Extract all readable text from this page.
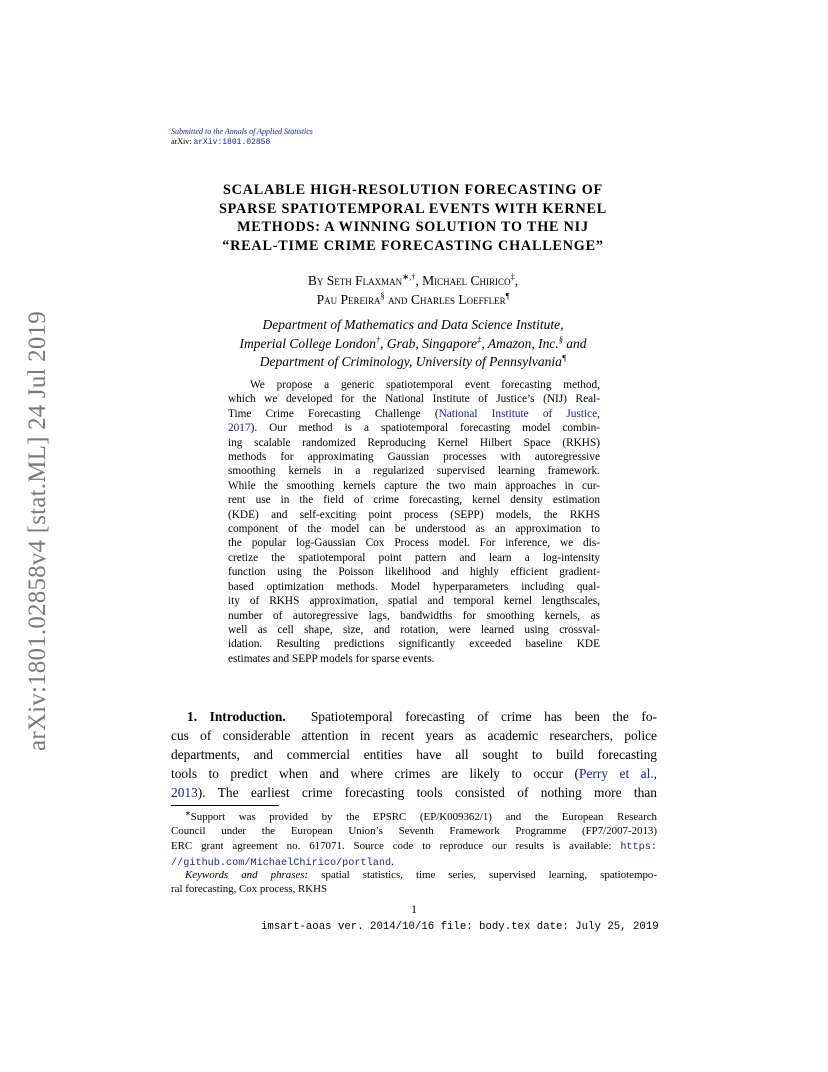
arXiv:1801.02858v4 [stat.ML] 24 Jul 2019
Submitted to the Annals of Applied Statistics
arXiv: arXiv:1801.02858
SCALABLE HIGH-RESOLUTION FORECASTING OF
SPARSE SPATIOTEMPORAL EVENTS WITH KERNEL
METHODS: A WINNING SOLUTION TO THE NIJ
“REAL-TIME CRIME FORECASTING CHALLENGE”
By Seth Flaxman∗,†, Michael Chirico‡,
Pau Pereira§ and Charles Loeffler¶
Department of Mathematics and Data Science Institute,
Imperial College London†, Grab, Singapore‡, Amazon, Inc.§ and
Department of Criminology, University of Pennsylvania¶

We propose a generic spatiotemporal event forecasting method,
which we developed for the National Institute of Justice’s (NIJ) Real-
Time Crime Forecasting Challenge (National Institute of Justice,
2017). Our method is a spatiotemporal forecasting model combin-
ing scalable randomized Reproducing Kernel Hilbert Space (RKHS)
methods for approximating Gaussian processes with autoregressive
smoothing kernels in a regularized supervised learning framework.
While the smoothing kernels capture the two main approaches in cur-
rent use in the field of crime forecasting, kernel density estimation
(KDE) and self-exciting point process (SEPP) models, the RKHS
component of the model can be understood as an approximation to
the popular log-Gaussian Cox Process model. For inference, we dis-
cretize the spatiotemporal point pattern and learn a log-intensity
function using the Poisson likelihood and highly efficient gradient-
based optimization methods. Model hyperparameters including qual-
ity of RKHS approximation, spatial and temporal kernel lengthscales,
number of autoregressive lags, bandwidths for smoothing kernels, as
well as cell shape, size, and rotation, were learned using crossval-
idation. Resulting predictions significantly exceeded baseline KDE
estimates and SEPP models for sparse events.

1. Introduction. Spatiotemporal forecasting of crime has been the fo-
cus of considerable attention in recent years as academic researchers, police
departments, and commercial entities have all sought to build forecasting
tools to predict when and where crimes are likely to occur (Perry et al.,
2013). The earliest crime forecasting tools consisted of nothing more than
∗Support was provided by the EPSRC (EP/K009362/1) and the European Research
Council under the European Union’s Seventh Framework Programme (FP7/2007-2013)
ERC grant agreement no. 617071. Source code to reproduce our results is available: https:
//github.com/MichaelChirico/portland.
Keywords and phrases: spatial statistics, time series, supervised learning, spatiotempo-
ral forecasting, Cox process, RKHS
1
imsart-aoas ver. 2014/10/16 file: body.tex date: July 25, 2019
